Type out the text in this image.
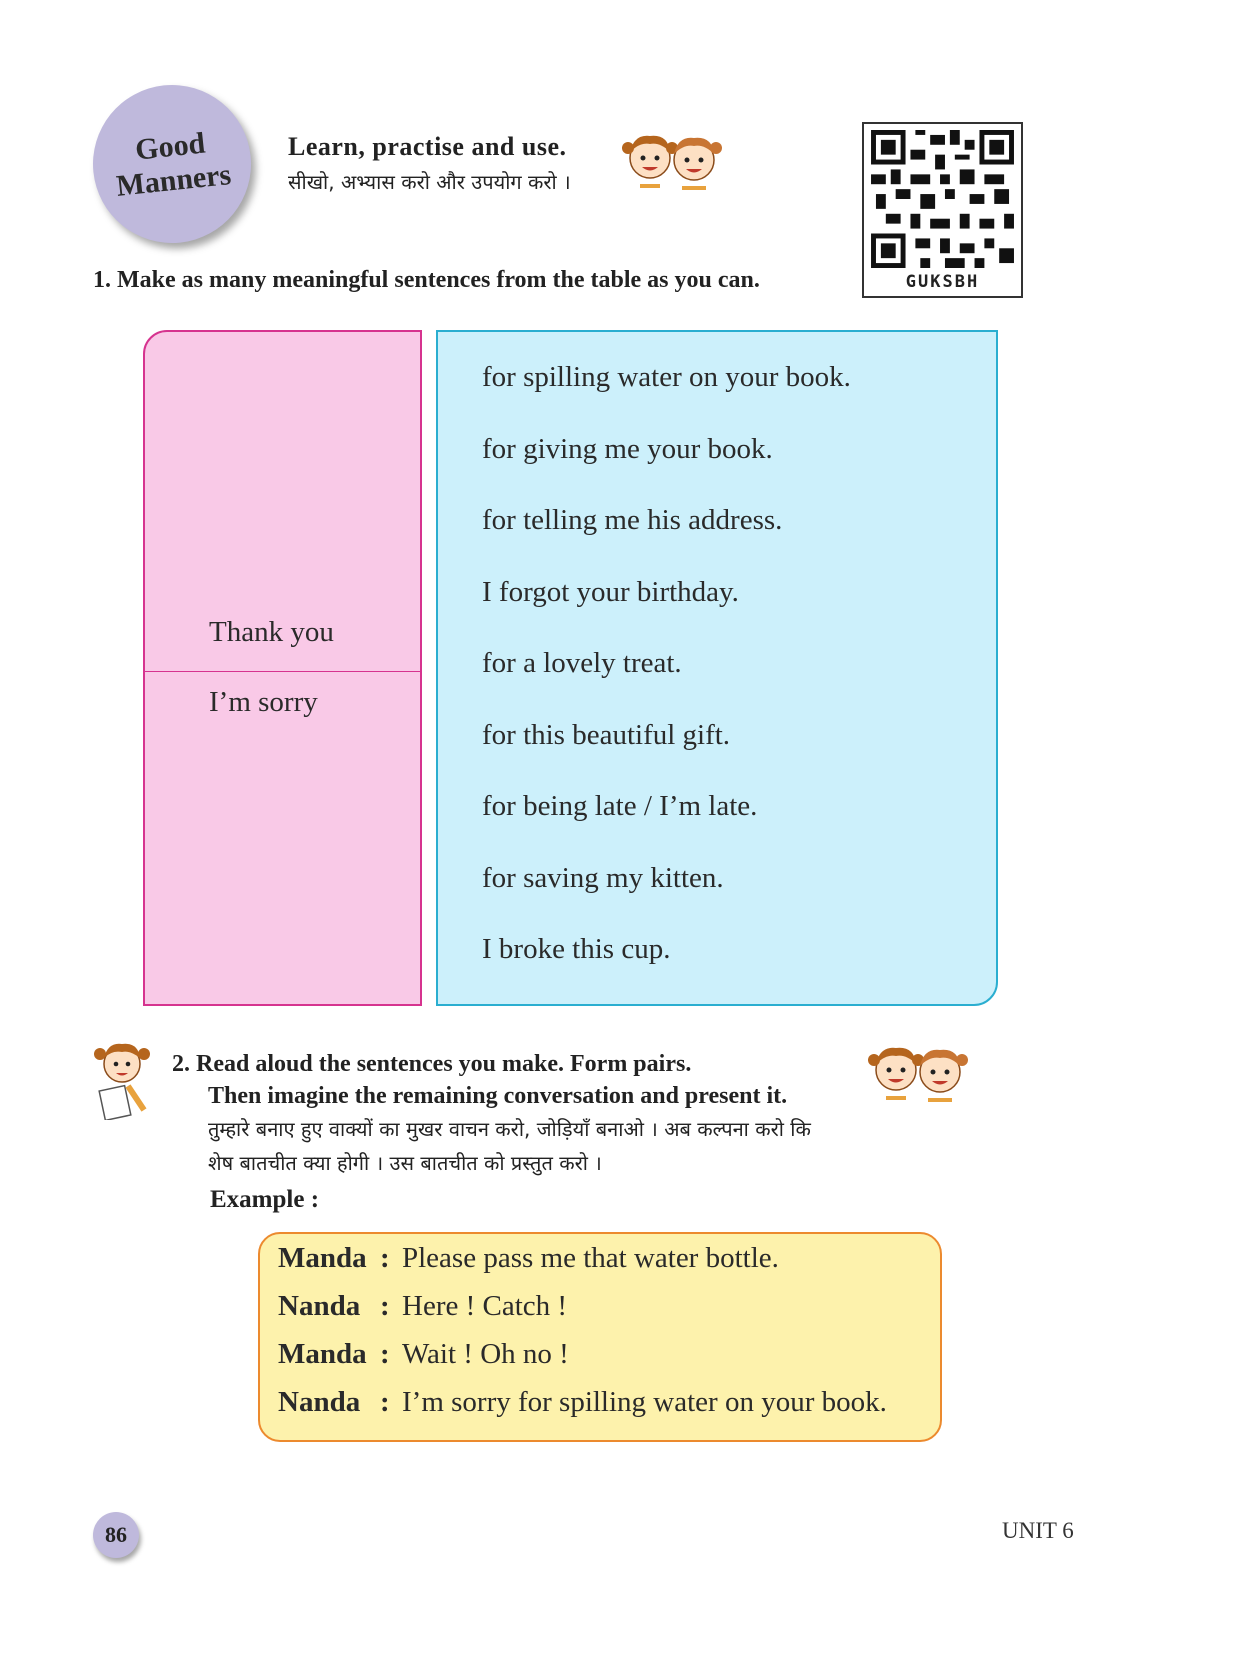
Good
Manners
Learn, practise and use.
सीखो, अभ्यास करो और उपयोग करो ।
GUKSBH
1. Make as many meaningful sentences from the table as you can.
Thank you
I’m sorry
for spilling water on your book.
for giving me your book.
for telling me his address.
I forgot your birthday.
for a lovely treat.
for this beautiful gift.
for being late / I’m late.
for saving my kitten.
I broke this cup.
2. Read aloud the sentences you make. Form pairs.
Then imagine the remaining conversation and present it.
तुम्हारे बनाए हुए वाक्यों का मुखर वाचन करो, जोड़ियाँ बनाओ । अब कल्पना करो कि
शेष बातचीत क्या होगी । उस बातचीत को प्रस्तुत करो ।
Example :
Manda : Please pass me that water bottle.
Nanda : Here ! Catch !
Manda : Wait ! Oh no !
Nanda : I’m sorry for spilling water on your book.
86	UNIT 6
